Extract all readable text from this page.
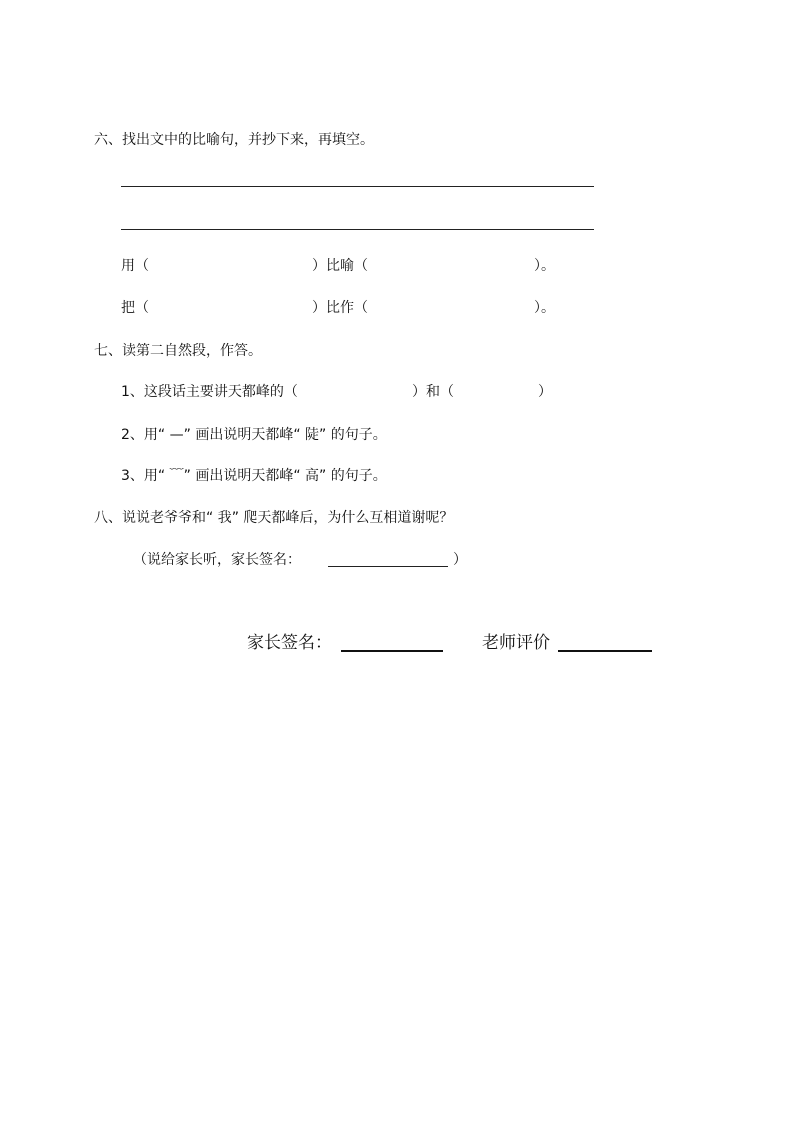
六、找出文中的比喻句，并抄下来，再填空。
用（	）比喻（	）。
把（	）比作（	）。
七、读第二自然段，作答。
1、这段话主要讲天都峰的（	）和（	）
2、用“ —” 画出说明天都峰“ 陡” 的句子。
3、用“ ﹋” 画出说明天都峰“ 高” 的句子。
八、说说老爷爷和“ 我” 爬天都峰后，为什么互相道谢呢？
（说给家长听，家长签名：	）
家长签名：	老师评价
